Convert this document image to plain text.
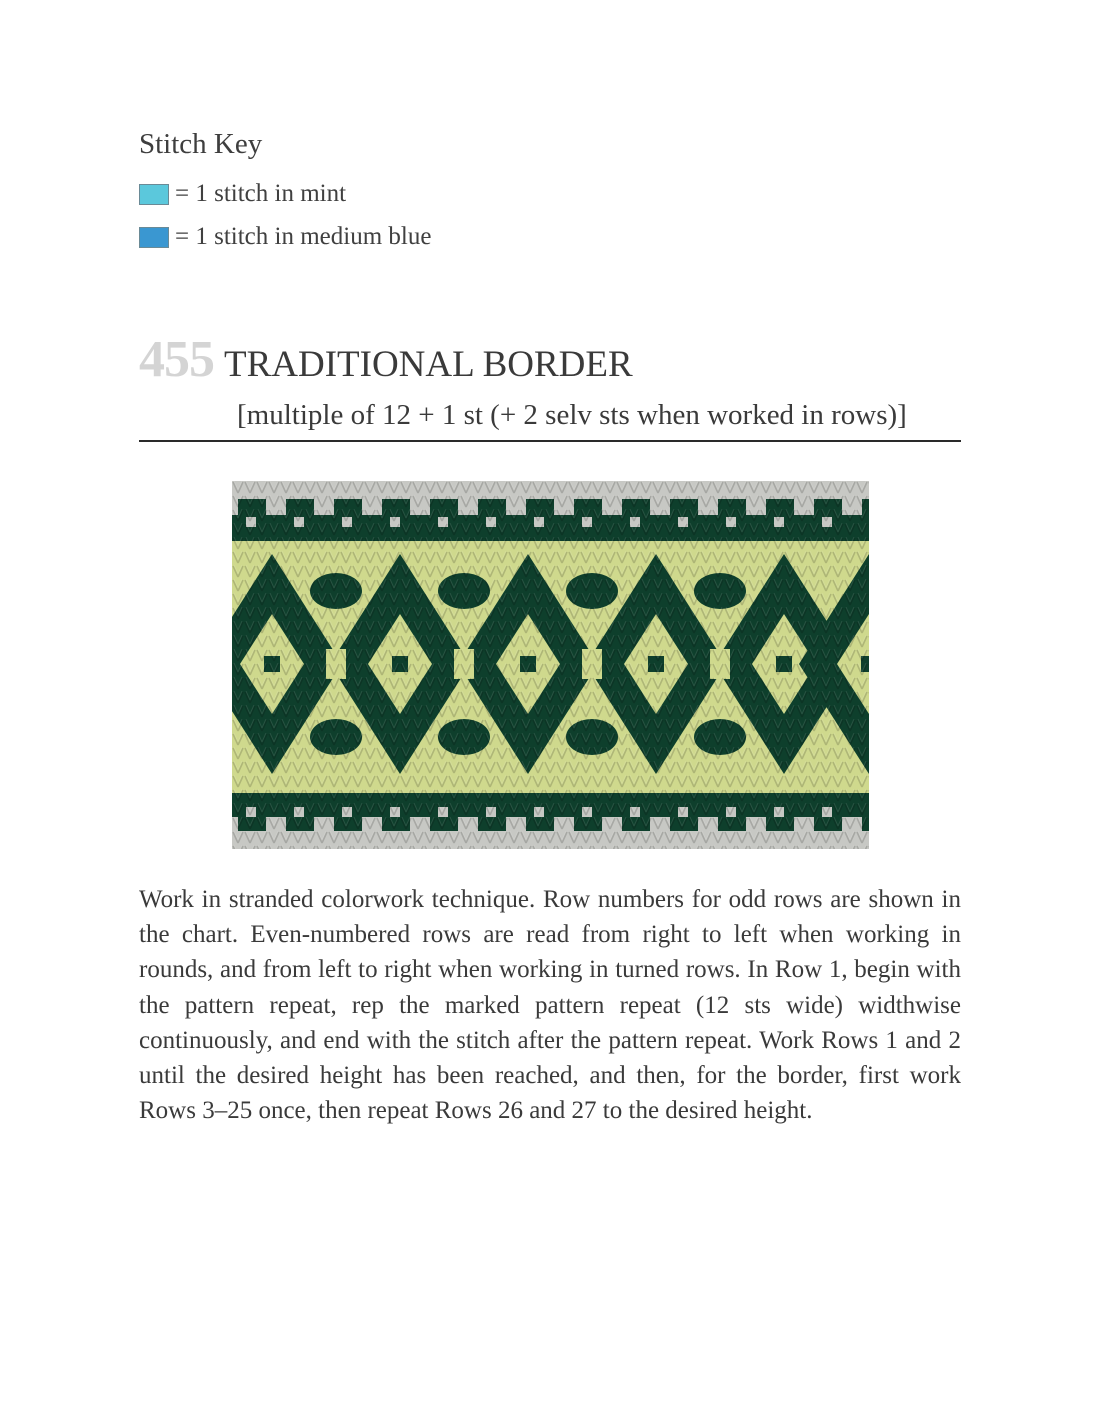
Stitch Key
= 1 stitch in mint
= 1 stitch in medium blue
455 TRADITIONAL BORDER
[multiple of 12 + 1 st (+ 2 selv sts when worked in rows)]
Work in stranded colorwork technique. Row numbers for odd rows are shown in the chart. Even-numbered rows are read from right to left when working in rounds, and from left to right when working in turned rows. In Row 1, begin with the pattern repeat, rep the marked pattern repeat (12 sts wide) widthwise continuously, and end with the stitch after the pattern repeat. Work Rows 1 and 2 until the desired height has been reached, and then, for the border, first work Rows 3–25 once, then repeat Rows 26 and 27 to the desired height.
